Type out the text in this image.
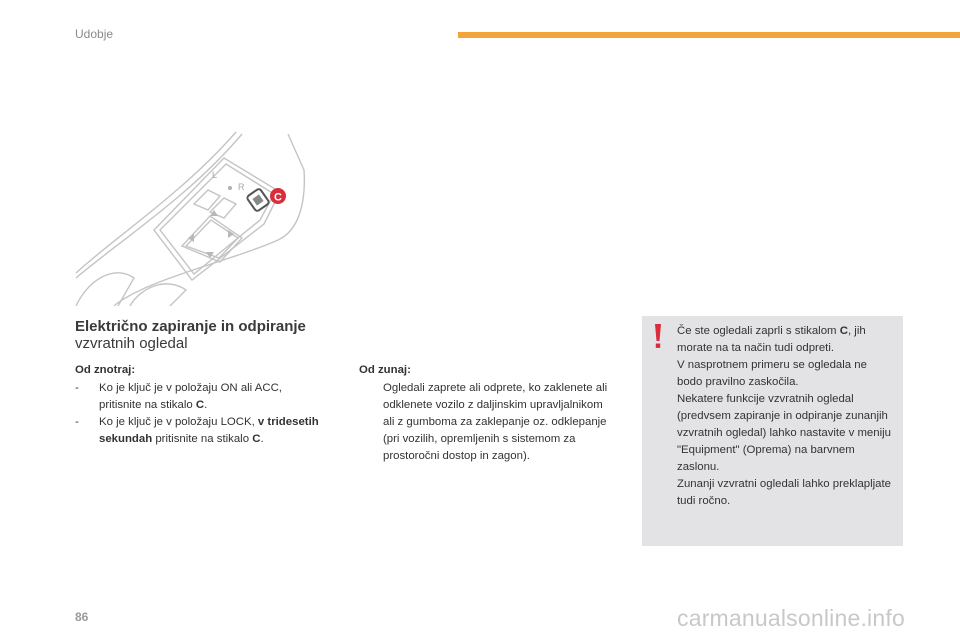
Udobje
L
R
C
Električno zapiranje in odpiranje
vzvratnih ogledal
Od znotraj:
- Ko je ključ je v položaju ON ali ACC, pritisnite na stikalo C.
- Ko je ključ je v položaju LOCK, v tridesetih sekundah pritisnite na stikalo C.
Od zunaj:
Ogledali zaprete ali odprete, ko zaklenete ali odklenete vozilo z daljinskim upravljalnikom ali z gumboma za zaklepanje oz. odklepanje (pri vozilih, opremljenih s sistemom za prostoročni dostop in zagon).
Če ste ogledali zaprli s stikalom C, jih morate na ta način tudi odpreti.
V nasprotnem primeru se ogledala ne bodo pravilno zaskočila.
Nekatere funkcije vzvratnih ogledal (predvsem zapiranje in odpiranje zunanjih vzvratnih ogledal) lahko nastavite v meniju "Equipment" (Oprema) na barvnem zaslonu.
Zunanji vzvratni ogledali lahko preklapljate tudi ročno.
86	carmanualsonline.info
